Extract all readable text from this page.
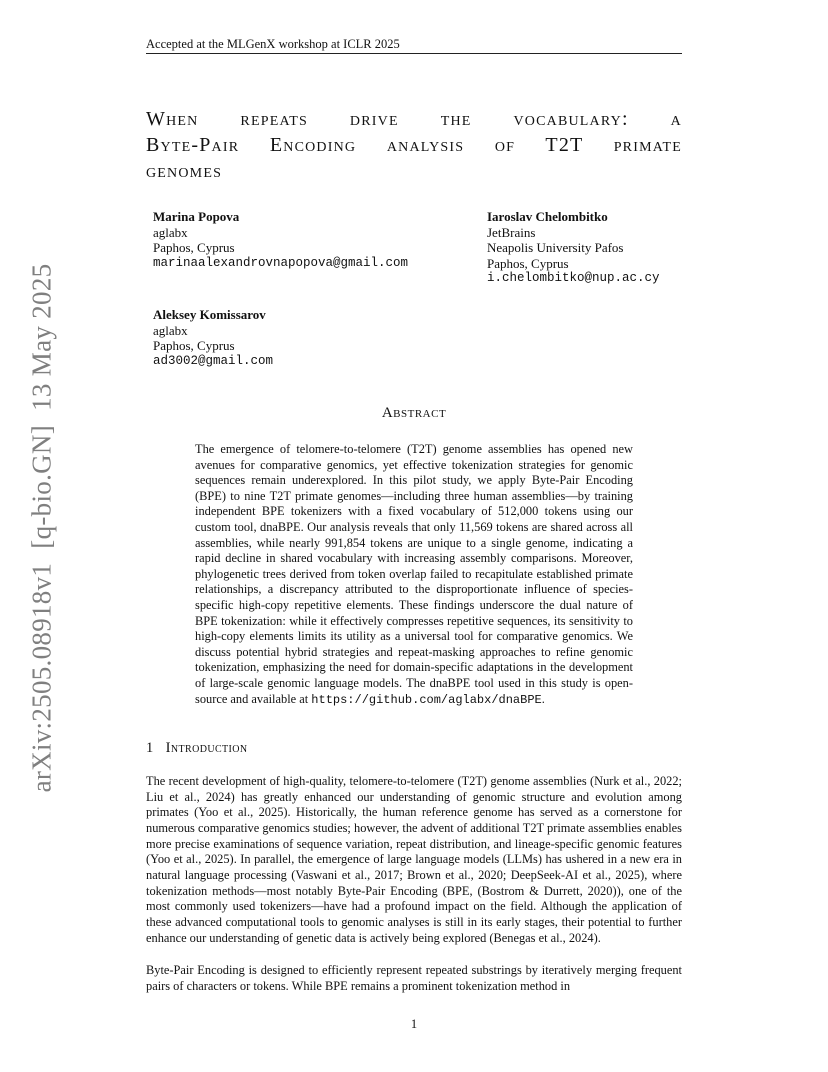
Accepted at the MLGenX workshop at ICLR 2025
arXiv:2505.08918v1  [q-bio.GN]  13 May 2025
When repeats drive the vocabulary: a
Byte-Pair Encoding analysis of T2T primate
genomes
Marina Popova
aglabx
Paphos, Cyprus
marinaalexandrovnapopova@gmail.com
Iaroslav Chelombitko
JetBrains
Neapolis University Pafos
Paphos, Cyprus
i.chelombitko@nup.ac.cy
Aleksey Komissarov
aglabx
Paphos, Cyprus
ad3002@gmail.com
Abstract
The emergence of telomere-to-telomere (T2T) genome assemblies has opened new avenues for comparative genomics, yet effective tokenization strategies for genomic sequences remain underexplored. In this pilot study, we apply Byte-Pair Encoding (BPE) to nine T2T primate genomes—including three human assemblies—by training independent BPE tokenizers with a fixed vocabulary of 512,000 tokens using our custom tool, dnaBPE. Our analysis reveals that only 11,569 tokens are shared across all assemblies, while nearly 991,854 tokens are unique to a single genome, indicating a rapid decline in shared vocabulary with increasing assembly comparisons. Moreover, phylogenetic trees derived from token overlap failed to recapitulate established primate relationships, a discrepancy attributed to the disproportionate influence of species-specific high-copy repetitive elements. These findings underscore the dual nature of BPE tokenization: while it effectively compresses repetitive sequences, its sensitivity to high-copy elements limits its utility as a universal tool for comparative genomics. We discuss potential hybrid strategies and repeat-masking approaches to refine genomic tokenization, emphasizing the need for domain-specific adaptations in the development of large-scale genomic language models. The dnaBPE tool used in this study is open-source and available at https://github.com/aglabx/dnaBPE.
1 Introduction
The recent development of high-quality, telomere-to-telomere (T2T) genome assemblies (Nurk et al., 2022; Liu et al., 2024) has greatly enhanced our understanding of genomic structure and evolution among primates (Yoo et al., 2025). Historically, the human reference genome has served as a cornerstone for numerous comparative genomics studies; however, the advent of additional T2T primate assemblies enables more precise examinations of sequence variation, repeat distribution, and lineage-specific genomic features (Yoo et al., 2025). In parallel, the emergence of large language models (LLMs) has ushered in a new era in natural language processing (Vaswani et al., 2017; Brown et al., 2020; DeepSeek-AI et al., 2025), where tokenization methods—most notably Byte-Pair Encoding (BPE, (Bostrom & Durrett, 2020)), one of the most commonly used tokenizers—have had a profound impact on the field. Although the application of these advanced computational tools to genomic analyses is still in its early stages, their potential to further enhance our understanding of genetic data is actively being explored (Benegas et al., 2024).
Byte-Pair Encoding is designed to efficiently represent repeated substrings by iteratively merging frequent pairs of characters or tokens. While BPE remains a prominent tokenization method in
1
